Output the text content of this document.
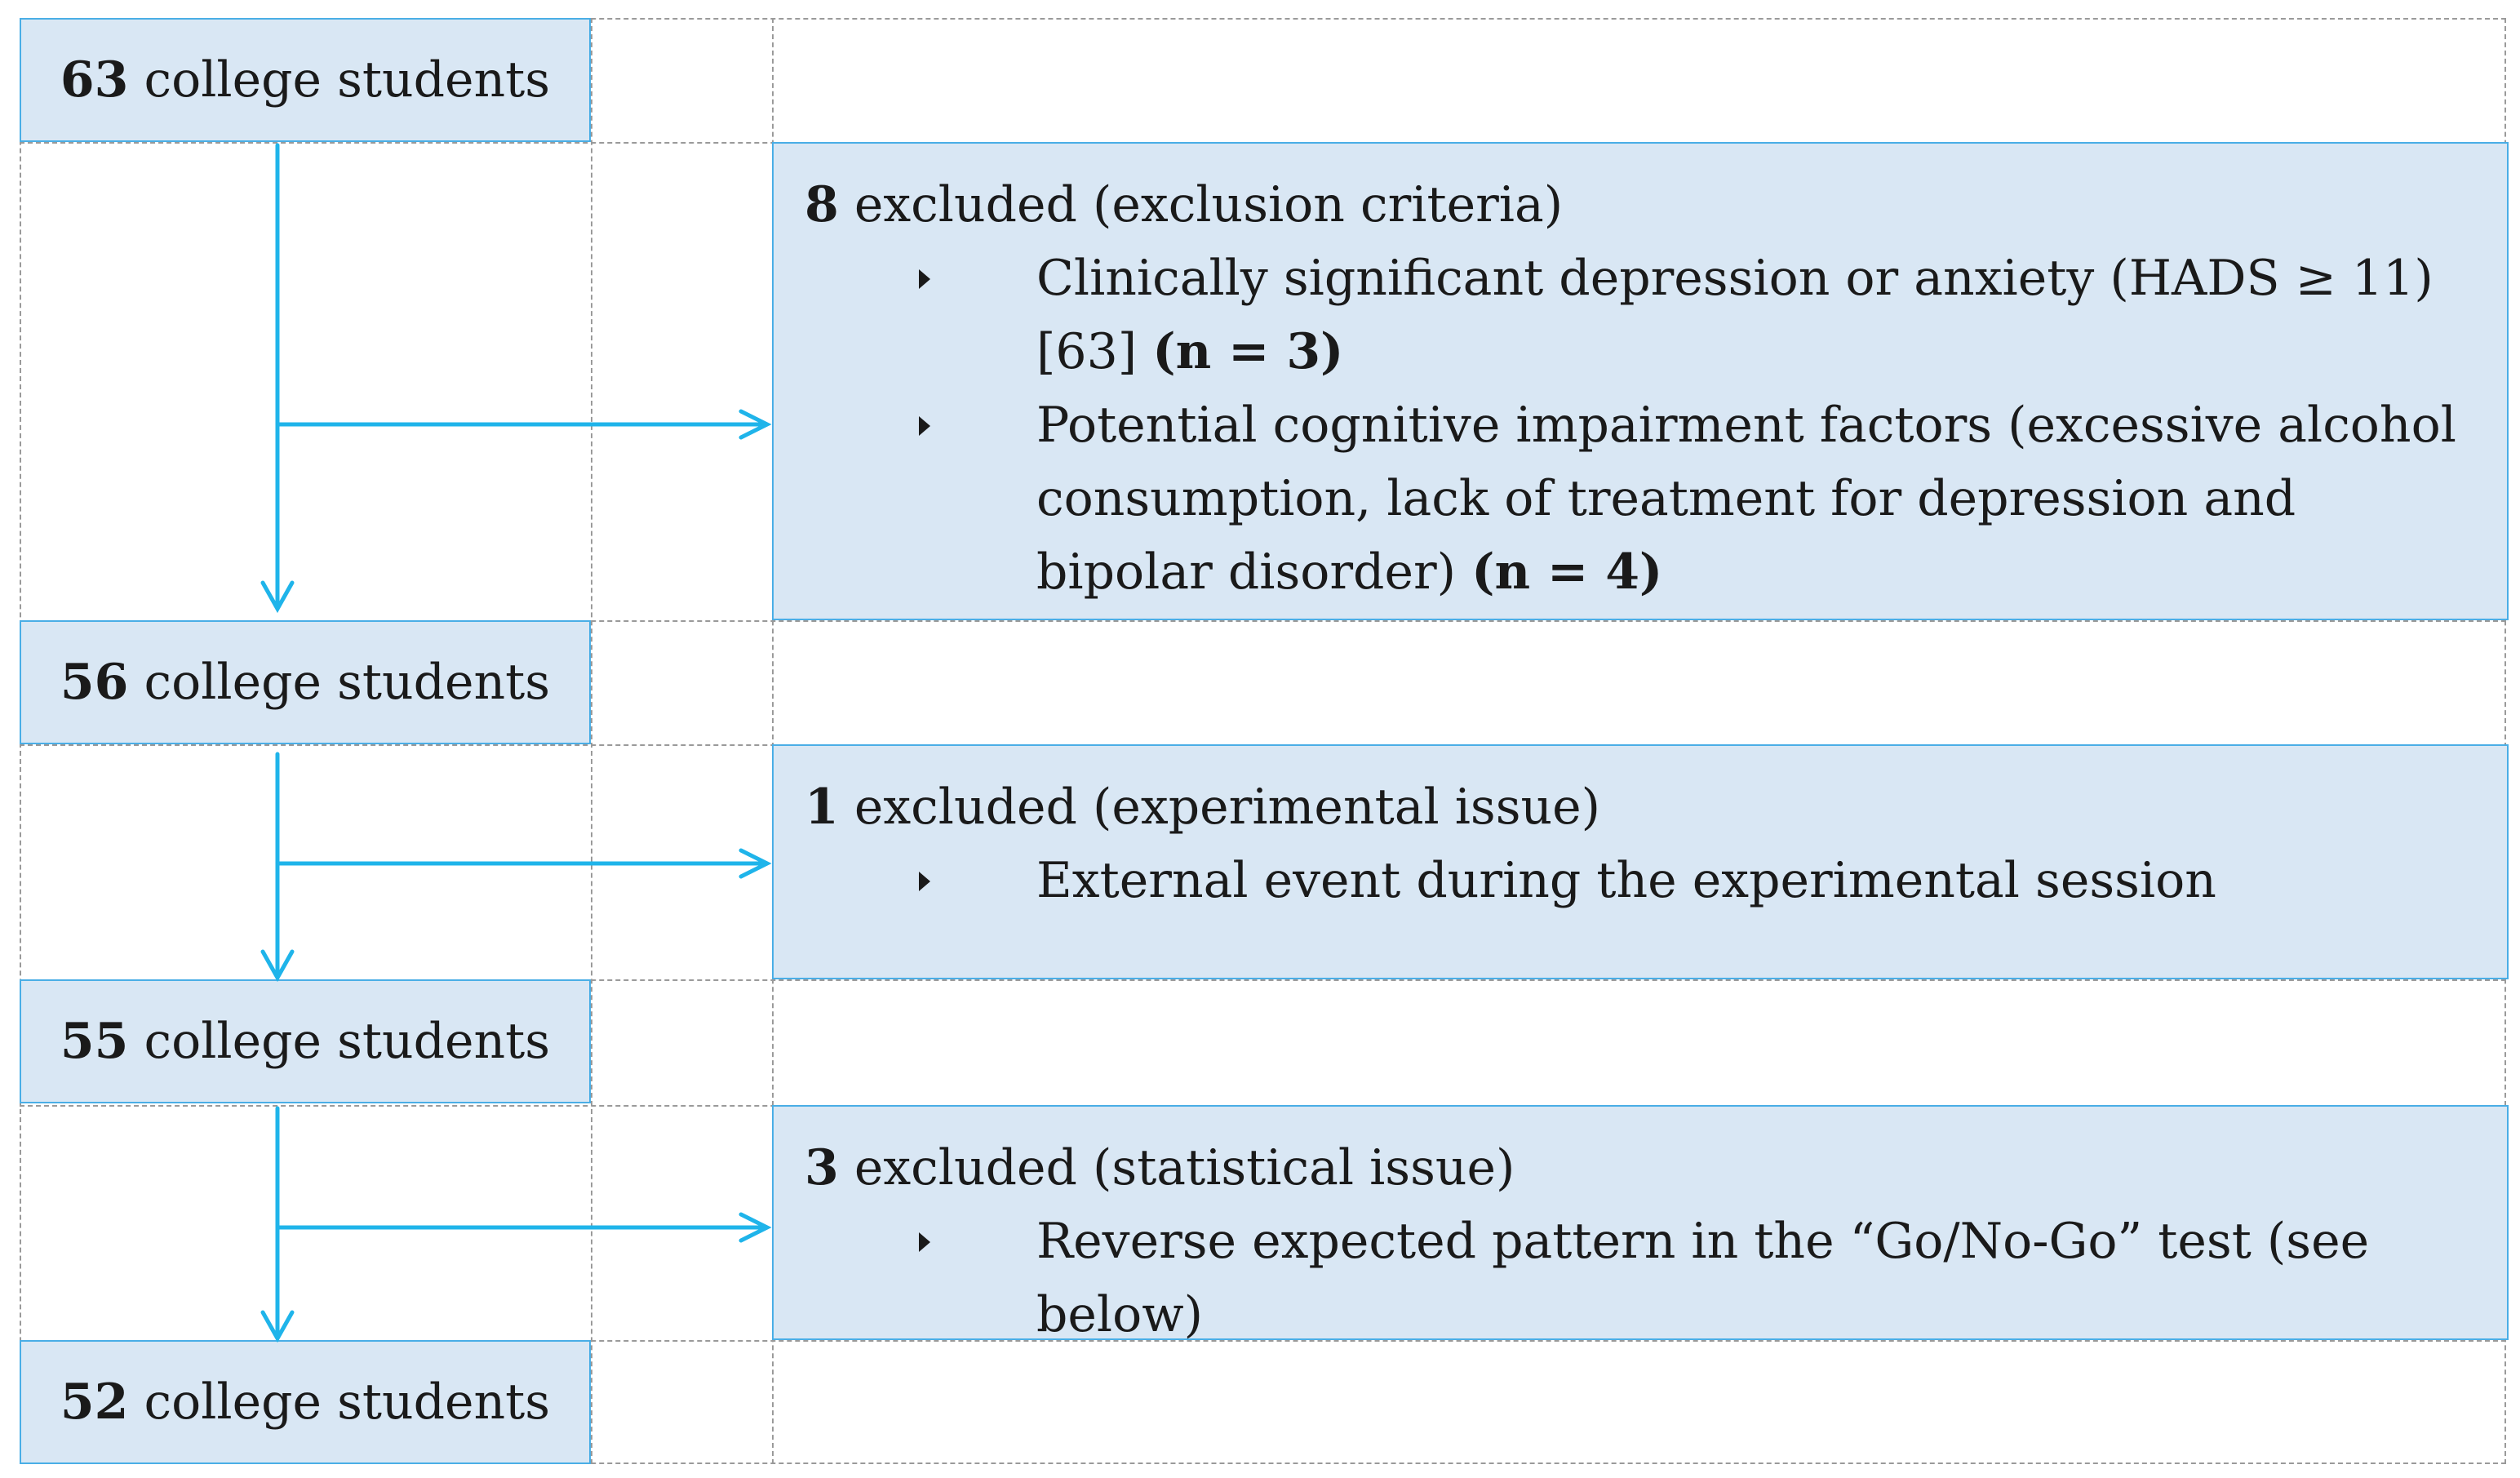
63 college students
56 college students
55 college students
52 college students
8 excluded (exclusion criteria)
Clinically significant depression or anxiety (HADS ≥ 11) [63] (n = 3)
Potential cognitive impairment factors (excessive alcohol consumption, lack of treatment for depression and bipolar disorder) (n = 4)
1 excluded (experimental issue)
External event during the experimental session
3 excluded (statistical issue)
Reverse expected pattern in the “Go/No-Go” test (see below)
